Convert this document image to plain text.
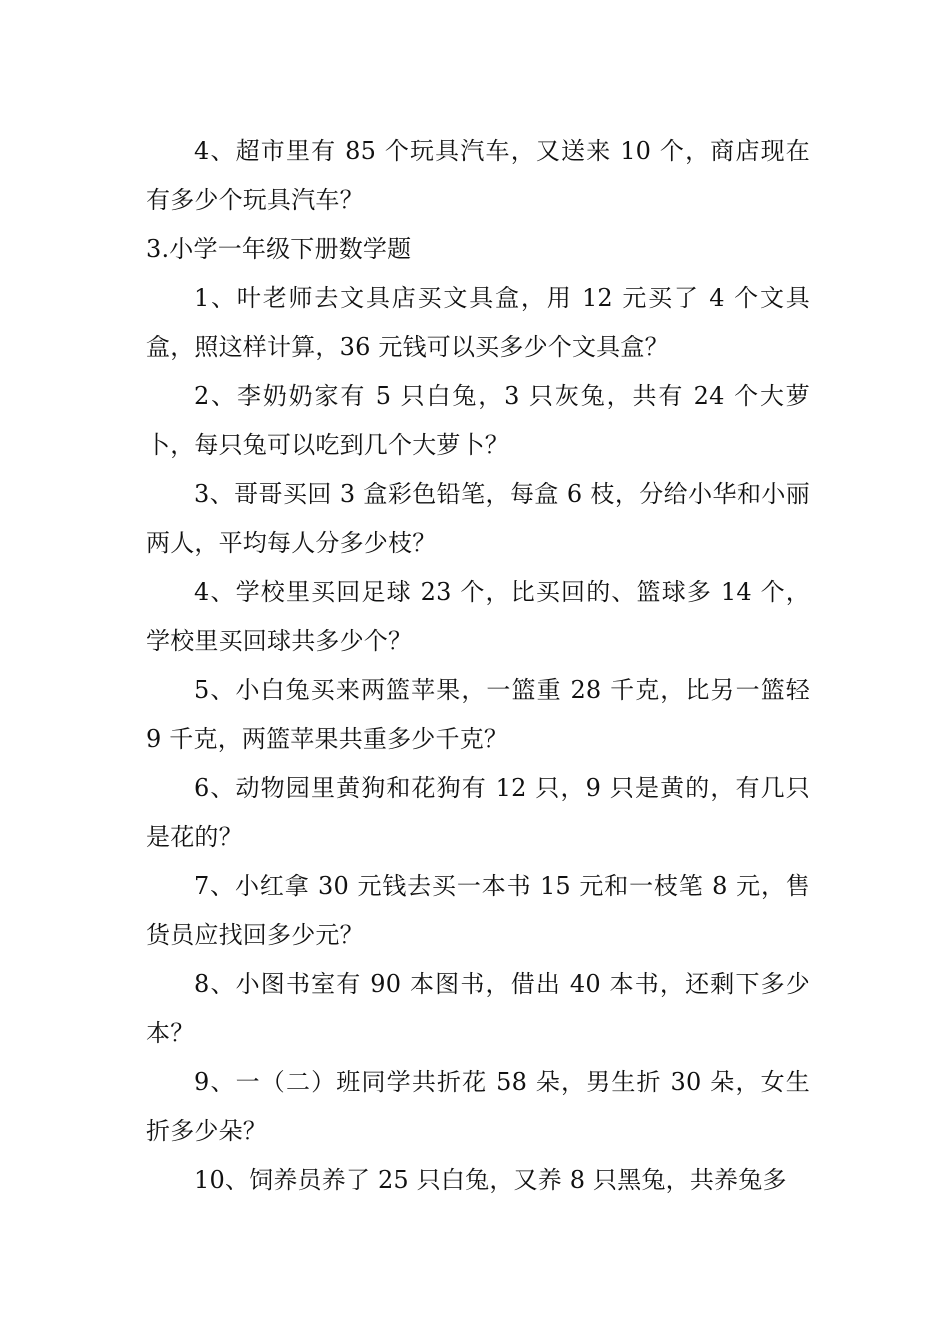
4、超市里有 85 个玩具汽车，又送来 10 个，商店现在有多少个玩具汽车？

3.小学一年级下册数学题

1、叶老师去文具店买文具盒，用 12 元买了 4 个文具盒，照这样计算，36 元钱可以买多少个文具盒？

2、李奶奶家有 5 只白兔，3 只灰兔，共有 24 个大萝卜，每只兔可以吃到几个大萝卜？

3、哥哥买回 3 盒彩色铅笔，每盒 6 枝，分给小华和小丽两人，平均每人分多少枝？

4、学校里买回足球 23 个，比买回的、篮球多 14 个，学校里买回球共多少个？

5、小白兔买来两篮苹果，一篮重 28 千克，比另一篮轻 9 千克，两篮苹果共重多少千克？

6、动物园里黄狗和花狗有 12 只，9 只是黄的，有几只是花的？

7、小红拿 30 元钱去买一本书 15 元和一枝笔 8 元，售货员应找回多少元？

8、小图书室有 90 本图书，借出 40 本书，还剩下多少本？

9、一（二）班同学共折花 58 朵，男生折 30 朵，女生折多少朵？

10、饲养员养了 25 只白兔，又养 8 只黑兔，共养兔多
